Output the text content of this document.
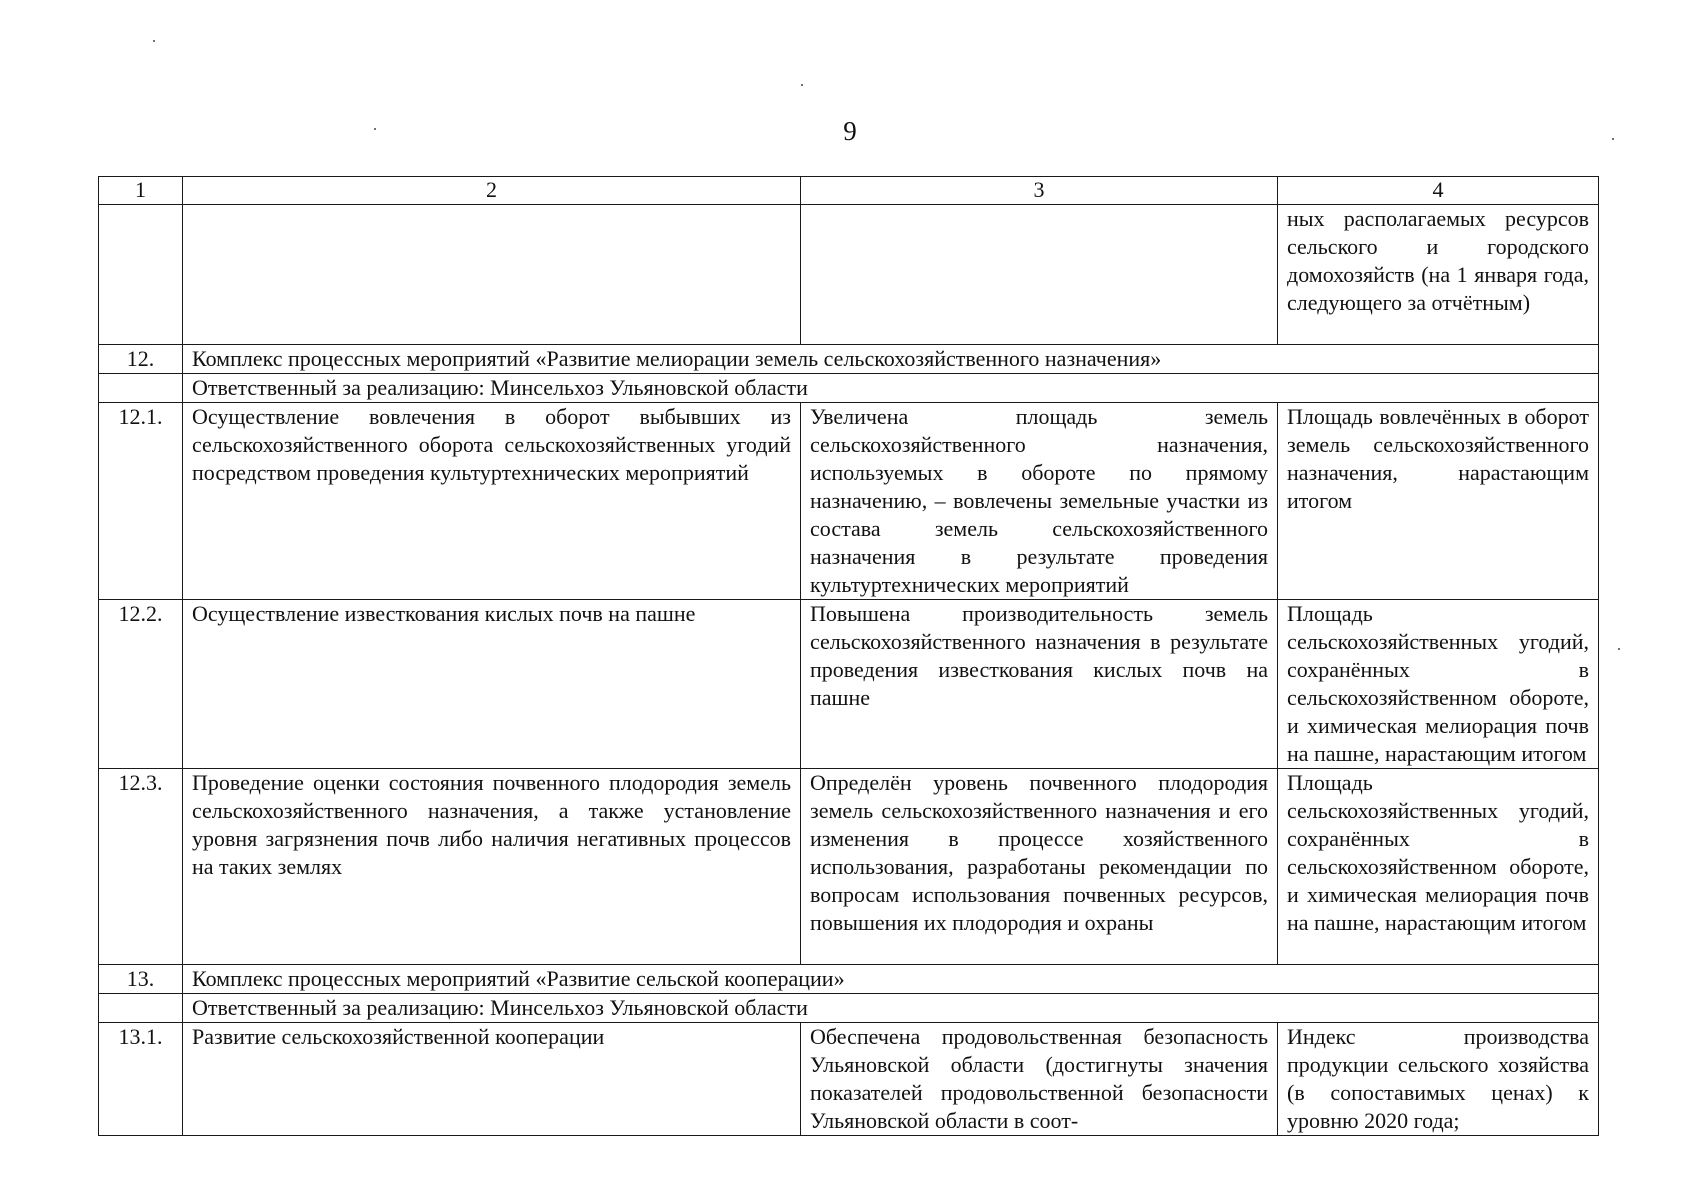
9
1	2	3	4
			ных располагаемых ресурсов сельского и городского домохозяйств (на 1 января года, следующего за отчётным)
12.	Комплекс процессных мероприятий «Развитие мелиорации земель сельскохозяйственного назначения»		
	Ответственный за реализацию: Минсельхоз Ульяновской области		
12.1.	Осуществление вовлечения в оборот выбывших из сельскохозяйственного оборота сельскохозяйственных угодий посредством проведения культуртехнических мероприятий	Увеличена площадь земель сельскохозяйственного назначения, используемых в обороте по прямому назначению, – вовлечены земельные участки из состава земель сельскохозяйственного назначения в результате проведения культуртехнических мероприятий	Площадь вовлечённых в оборот земель сельскохозяйственного назначения, нарастающим итогом
12.2.	Осуществление известкования кислых почв на пашне	Повышена производительность земель сельскохозяйственного назначения в результате проведения известкования кислых почв на пашне	Площадь сельскохозяйственных угодий, сохранённых в сельскохозяйственном обороте, и химическая мелиорация почв на пашне, нарастающим итогом
12.3.	Проведение оценки состояния почвенного плодородия земель сельскохозяйственного назначения, а также установление уровня загрязнения почв либо наличия негативных процессов на таких землях	Определён уровень почвенного плодородия земель сельскохозяйственного назначения и его изменения в процессе хозяйственного использования, разработаны рекомендации по вопросам использования почвенных ресурсов, повышения их плодородия и охраны	Площадь сельскохозяйственных угодий, сохранённых в сельскохозяйственном обороте, и химическая мелиорация почв на пашне, нарастающим итогом
13.	Комплекс процессных мероприятий «Развитие сельской кооперации»		
	Ответственный за реализацию: Минсельхоз Ульяновской области		
13.1.	Развитие сельскохозяйственной кооперации	Обеспечена продовольственная безопасность Ульяновской области (достигнуты значения показателей продовольственной безопасности Ульяновской области в соот-	Индекс производства продукции сельского хозяйства (в сопоставимых ценах) к уровню 2020 года;
